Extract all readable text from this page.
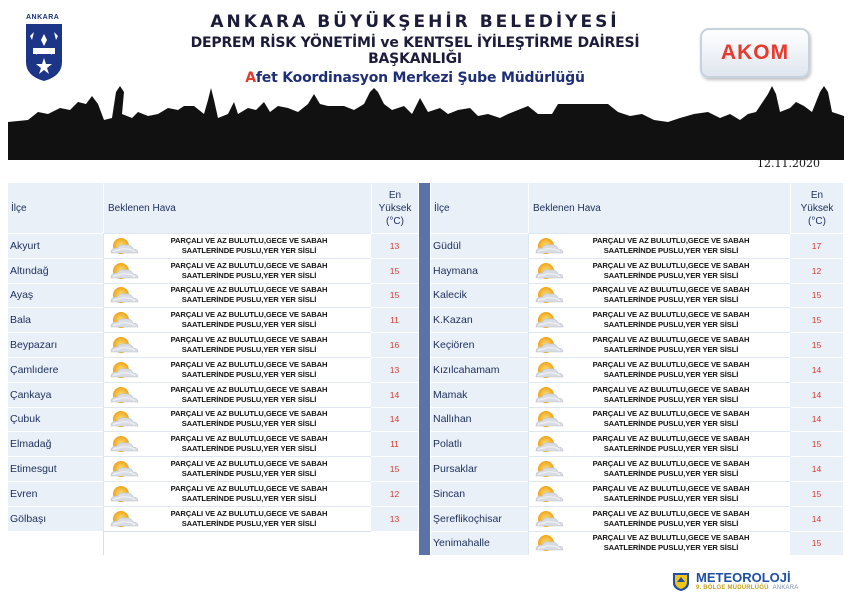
ANKARA	ANKARA BÜYÜKŞEHİR BELEDİYESİ
DEPREM RİSK YÖNETİMİ ve KENTSEL İYİLEŞTİRME DAİRESİ BAŞKANLIĞI
Afet Koordinasyon Merkezi Şube Müdürlüğü
AKOM
12.11.2020
İlçe	Beklenen Hava
En
Yüksek
(°C)
Akyurt	PARÇALI VE AZ BULUTLU,GECE VE SABAH
SAATLERİNDE PUSLU,YER YER SİSLİ	13
Altındağ	PARÇALI VE AZ BULUTLU,GECE VE SABAH
SAATLERİNDE PUSLU,YER YER SİSLİ	15
Ayaş	PARÇALI VE AZ BULUTLU,GECE VE SABAH
SAATLERİNDE PUSLU,YER YER SİSLİ	15
Bala	PARÇALI VE AZ BULUTLU,GECE VE SABAH
SAATLERİNDE PUSLU,YER YER SİSLİ	11
Beypazarı	PARÇALI VE AZ BULUTLU,GECE VE SABAH
SAATLERİNDE PUSLU,YER YER SİSLİ	16
Çamlıdere	PARÇALI VE AZ BULUTLU,GECE VE SABAH
SAATLERİNDE PUSLU,YER YER SİSLİ	13
Çankaya	PARÇALI VE AZ BULUTLU,GECE VE SABAH
SAATLERİNDE PUSLU,YER YER SİSLİ	14
Çubuk	PARÇALI VE AZ BULUTLU,GECE VE SABAH
SAATLERİNDE PUSLU,YER YER SİSLİ	14
Elmadağ	PARÇALI VE AZ BULUTLU,GECE VE SABAH
SAATLERİNDE PUSLU,YER YER SİSLİ	11
Etimesgut	PARÇALI VE AZ BULUTLU,GECE VE SABAH
SAATLERİNDE PUSLU,YER YER SİSLİ	15
Evren	PARÇALI VE AZ BULUTLU,GECE VE SABAH
SAATLERİNDE PUSLU,YER YER SİSLİ	12
Gölbaşı	PARÇALI VE AZ BULUTLU,GECE VE SABAH
SAATLERİNDE PUSLU,YER YER SİSLİ	13
İlçe	Beklenen Hava
En
Yüksek
(°C)
Güdül	PARÇALI VE AZ BULUTLU,GECE VE SABAH
SAATLERİNDE PUSLU,YER YER SİSLİ	17
Haymana	PARÇALI VE AZ BULUTLU,GECE VE SABAH
SAATLERİNDE PUSLU,YER YER SİSLİ	12
Kalecik	PARÇALI VE AZ BULUTLU,GECE VE SABAH
SAATLERİNDE PUSLU,YER YER SİSLİ	15
K.Kazan	PARÇALI VE AZ BULUTLU,GECE VE SABAH
SAATLERİNDE PUSLU,YER YER SİSLİ	15
Keçiören	PARÇALI VE AZ BULUTLU,GECE VE SABAH
SAATLERİNDE PUSLU,YER YER SİSLİ	15
Kızılcahamam	PARÇALI VE AZ BULUTLU,GECE VE SABAH
SAATLERİNDE PUSLU,YER YER SİSLİ	14
Mamak	PARÇALI VE AZ BULUTLU,GECE VE SABAH
SAATLERİNDE PUSLU,YER YER SİSLİ	14
Nallıhan	PARÇALI VE AZ BULUTLU,GECE VE SABAH
SAATLERİNDE PUSLU,YER YER SİSLİ	14
Polatlı	PARÇALI VE AZ BULUTLU,GECE VE SABAH
SAATLERİNDE PUSLU,YER YER SİSLİ	15
Pursaklar	PARÇALI VE AZ BULUTLU,GECE VE SABAH
SAATLERİNDE PUSLU,YER YER SİSLİ	14
Sincan	PARÇALI VE AZ BULUTLU,GECE VE SABAH
SAATLERİNDE PUSLU,YER YER SİSLİ	15
Şereflikoçhisar	PARÇALI VE AZ BULUTLU,GECE VE SABAH
SAATLERİNDE PUSLU,YER YER SİSLİ	14
Yenimahalle	PARÇALI VE AZ BULUTLU,GECE VE SABAH
SAATLERİNDE PUSLU,YER YER SİSLİ	15
METEOROLOJİ
9. BÖLGE MÜDÜRLÜĞÜ ANKARA
